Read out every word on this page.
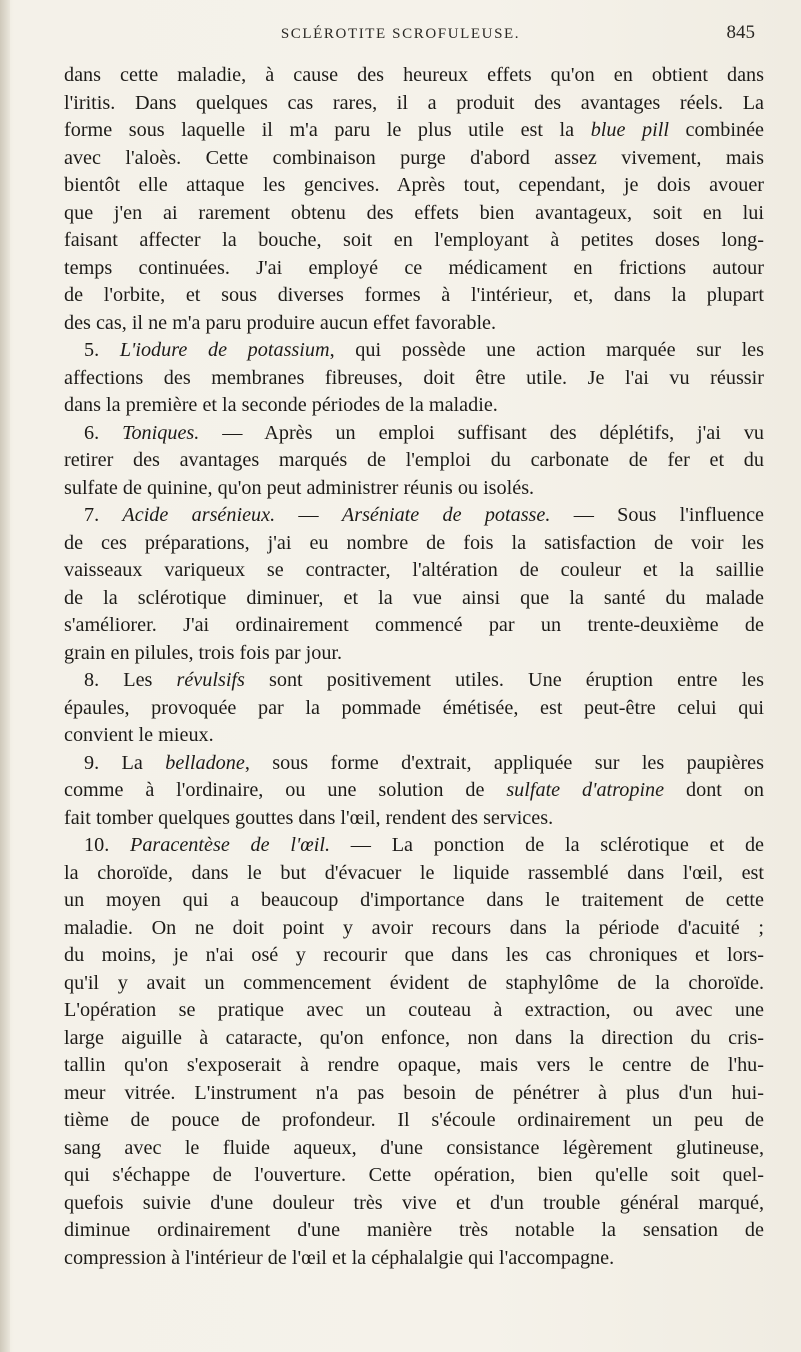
SCLÉROTITE SCROFULEUSE.	845
dans cette maladie, à cause des heureux effets qu'on en obtient dans
l'iritis. Dans quelques cas rares, il a produit des avantages réels. La
forme sous laquelle il m'a paru le plus utile est la blue pill combinée
avec l'aloès. Cette combinaison purge d'abord assez vivement, mais
bientôt elle attaque les gencives. Après tout, cependant, je dois avouer
que j'en ai rarement obtenu des effets bien avantageux, soit en lui
faisant affecter la bouche, soit en l'employant à petites doses long-
temps continuées. J'ai employé ce médicament en frictions autour
de l'orbite, et sous diverses formes à l'intérieur, et, dans la plupart
des cas, il ne m'a paru produire aucun effet favorable.
5. L'iodure de potassium, qui possède une action marquée sur les
affections des membranes fibreuses, doit être utile. Je l'ai vu réussir
dans la première et la seconde périodes de la maladie.
6. Toniques. — Après un emploi suffisant des déplétifs, j'ai vu
retirer des avantages marqués de l'emploi du carbonate de fer et du
sulfate de quinine, qu'on peut administrer réunis ou isolés.
7. Acide arsénieux. — Arséniate de potasse. — Sous l'influence
de ces préparations, j'ai eu nombre de fois la satisfaction de voir les
vaisseaux variqueux se contracter, l'altération de couleur et la saillie
de la sclérotique diminuer, et la vue ainsi que la santé du malade
s'améliorer. J'ai ordinairement commencé par un trente-deuxième de
grain en pilules, trois fois par jour.
8. Les révulsifs sont positivement utiles. Une éruption entre les
épaules, provoquée par la pommade émétisée, est peut-être celui qui
convient le mieux.
9. La belladone, sous forme d'extrait, appliquée sur les paupières
comme à l'ordinaire, ou une solution de sulfate d'atropine dont on
fait tomber quelques gouttes dans l'œil, rendent des services.
10. Paracentèse de l'œil. — La ponction de la sclérotique et de
la choroïde, dans le but d'évacuer le liquide rassemblé dans l'œil, est
un moyen qui a beaucoup d'importance dans le traitement de cette
maladie. On ne doit point y avoir recours dans la période d'acuité ;
du moins, je n'ai osé y recourir que dans les cas chroniques et lors-
qu'il y avait un commencement évident de staphylôme de la choroïde.
L'opération se pratique avec un couteau à extraction, ou avec une
large aiguille à cataracte, qu'on enfonce, non dans la direction du cris-
tallin qu'on s'exposerait à rendre opaque, mais vers le centre de l'hu-
meur vitrée. L'instrument n'a pas besoin de pénétrer à plus d'un hui-
tième de pouce de profondeur. Il s'écoule ordinairement un peu de
sang avec le fluide aqueux, d'une consistance légèrement glutineuse,
qui s'échappe de l'ouverture. Cette opération, bien qu'elle soit quel-
quefois suivie d'une douleur très vive et d'un trouble général marqué,
diminue ordinairement d'une manière très notable la sensation de
compression à l'intérieur de l'œil et la céphalalgie qui l'accompagne.
